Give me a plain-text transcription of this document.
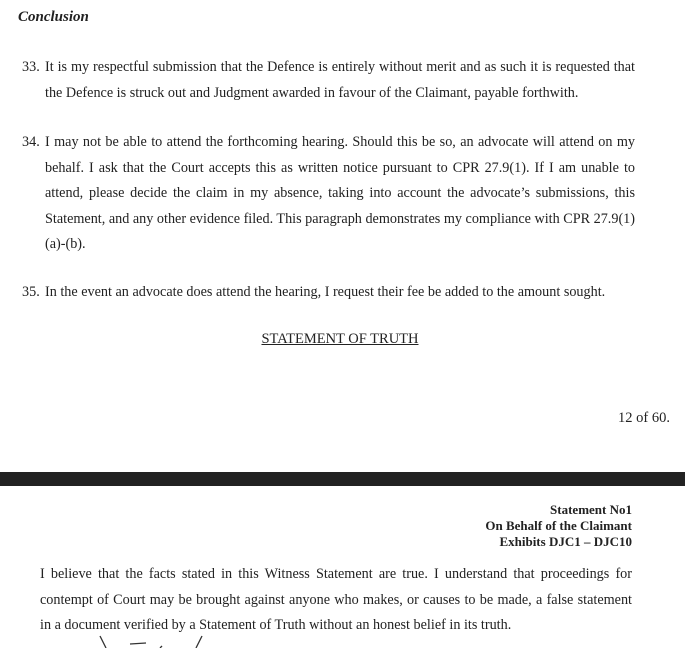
Conclusion
33. It is my respectful submission that the Defence is entirely without merit and as such it is requested that the Defence is struck out and Judgment awarded in favour of the Claimant, payable forthwith.
34. I may not be able to attend the forthcoming hearing. Should this be so, an advocate will attend on my behalf. I ask that the Court accepts this as written notice pursuant to CPR 27.9(1). If I am unable to attend, please decide the claim in my absence, taking into account the advocate’s submissions, this Statement, and any other evidence filed. This paragraph demonstrates my compliance with CPR 27.9(1)(a)-(b).
35. In the event an advocate does attend the hearing, I request their fee be added to the amount sought.
STATEMENT OF TRUTH
12 of 60.
Statement No1
On Behalf of the Claimant
Exhibits DJC1 – DJC10
I believe that the facts stated in this Witness Statement are true. I understand that proceedings for contempt of Court may be brought against anyone who makes, or causes to be made, a false statement in a document verified by a Statement of Truth without an honest belief in its truth.
